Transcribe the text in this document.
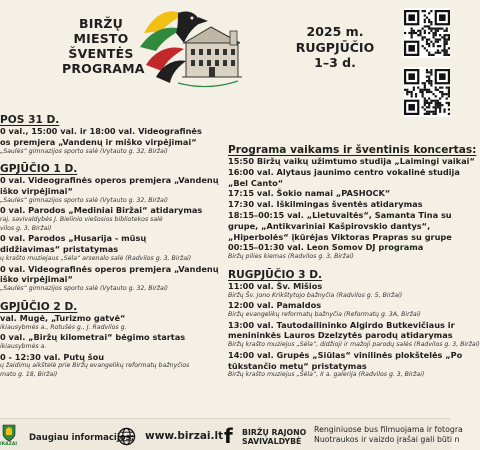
BIRŽŲ
MIESTO
ŠVENTĖS
PROGRAMA
2025 m.
RUGPJŪČIO
1–3 d.
POS 31 D.
0 val., 15:00 val. ir 18:00 val. Videografinės
os premjera „Vandenų ir miško virpėjimai“
„Saulės“ gimnazijos sporto salė (Vytauto g. 32, Biržai)
GPJŪČIO 1 D.
0 val. Videografinės operos premjera „Vandenų
iško virpėjimai“
„Saulės“ gimnazijos sporto salė (Vytauto g. 32, Biržai)
0 val. Parodos „Mediniai Biržai“ atidarymas
raj. savivaldybės J. Bielinio viešosios bibliotekos salė
vilos g. 3, Biržai)
0 val. Parodos „Husarija - mūsų
didžiavimas“ pristatymas
ų krašto muziejaus „Sėla“ arsenalo salė (Radvilos g. 3, Biržai)
0 val. Videografinės operos premjera „Vandenų
iško virpėjimai“
„Saulės“ gimnazijos sporto salė (Vytauto g. 32, Biržai)
GPJŪČIO 2 D.
val. Mugė, „Turizmo gatvė“
ikiausybmės a., Rotušės g., J. Radvilos g.
0 val. „Biržų kilometrai“ bėgimo startas
ikiausybmės a.
0 - 12:30 val. Putų šou
ų žaidimų aikštelė prie Biržų evangelikų reformatų bažnyčios
mato g. 18, Biržai)
Programa vaikams ir šventinis koncertas:
15:50 Biržų vaikų užimtumo studija „Laimingi vaikai“
16:00 val. Alytaus jaunimo centro vokalinė studija
„Bel Canto“
17:15 val. Šokio namai „PASHOCK“
17:30 val. Iškilmingas šventės atidarymas
18:15–00:15 val. „Lietuvaitės“, Samanta Tina su
grupe, „Antikvariniai Kašpirovskio dantys“,
„Hiperbolės“ įkūrėjas Viktoras Prapras su grupe
00:15–01:30 val. Leon Somov DJ programa
Biržų pilies kiemas (Radvilos g. 3, Biržai)
RUGPJŪČIO 3 D.
11:00 val. Šv. Mišios
Biržų Šv. Jono Krikštytojo bažnyčia (Radvilos g. 5, Biržai)
12:00 val. Pamaldos
Biržų evangelikų reformatų bažnyčia (Reformatų g. 3A, Biržai)
13:00 val. Tautodailininko Algirdo Butkevičiaus ir
menininkės Lauros Dzelzytės parodų atidarymas
Biržų krašto muziejus „Sėla“, didžioji ir mažoji parodų salės (Radvilos g. 3, Biržai)
14:00 val. Grupės „Siūlas“ vinilinės plokštelės „Po
tūkstančio metų“ pristatymas
Biržų krašto muziejus „Sėla“, II a. galerija (Radvilos g. 3, Biržai)
IRAŽAI
Daugiau informacijos: www.birzai.lt f BIRŽŲ RAJONO
SAVIVALDYBĖ
Renginiuose bus filmuojama ir fotogra
Nuotraukos ir vaizdo įrašai gali būti n
